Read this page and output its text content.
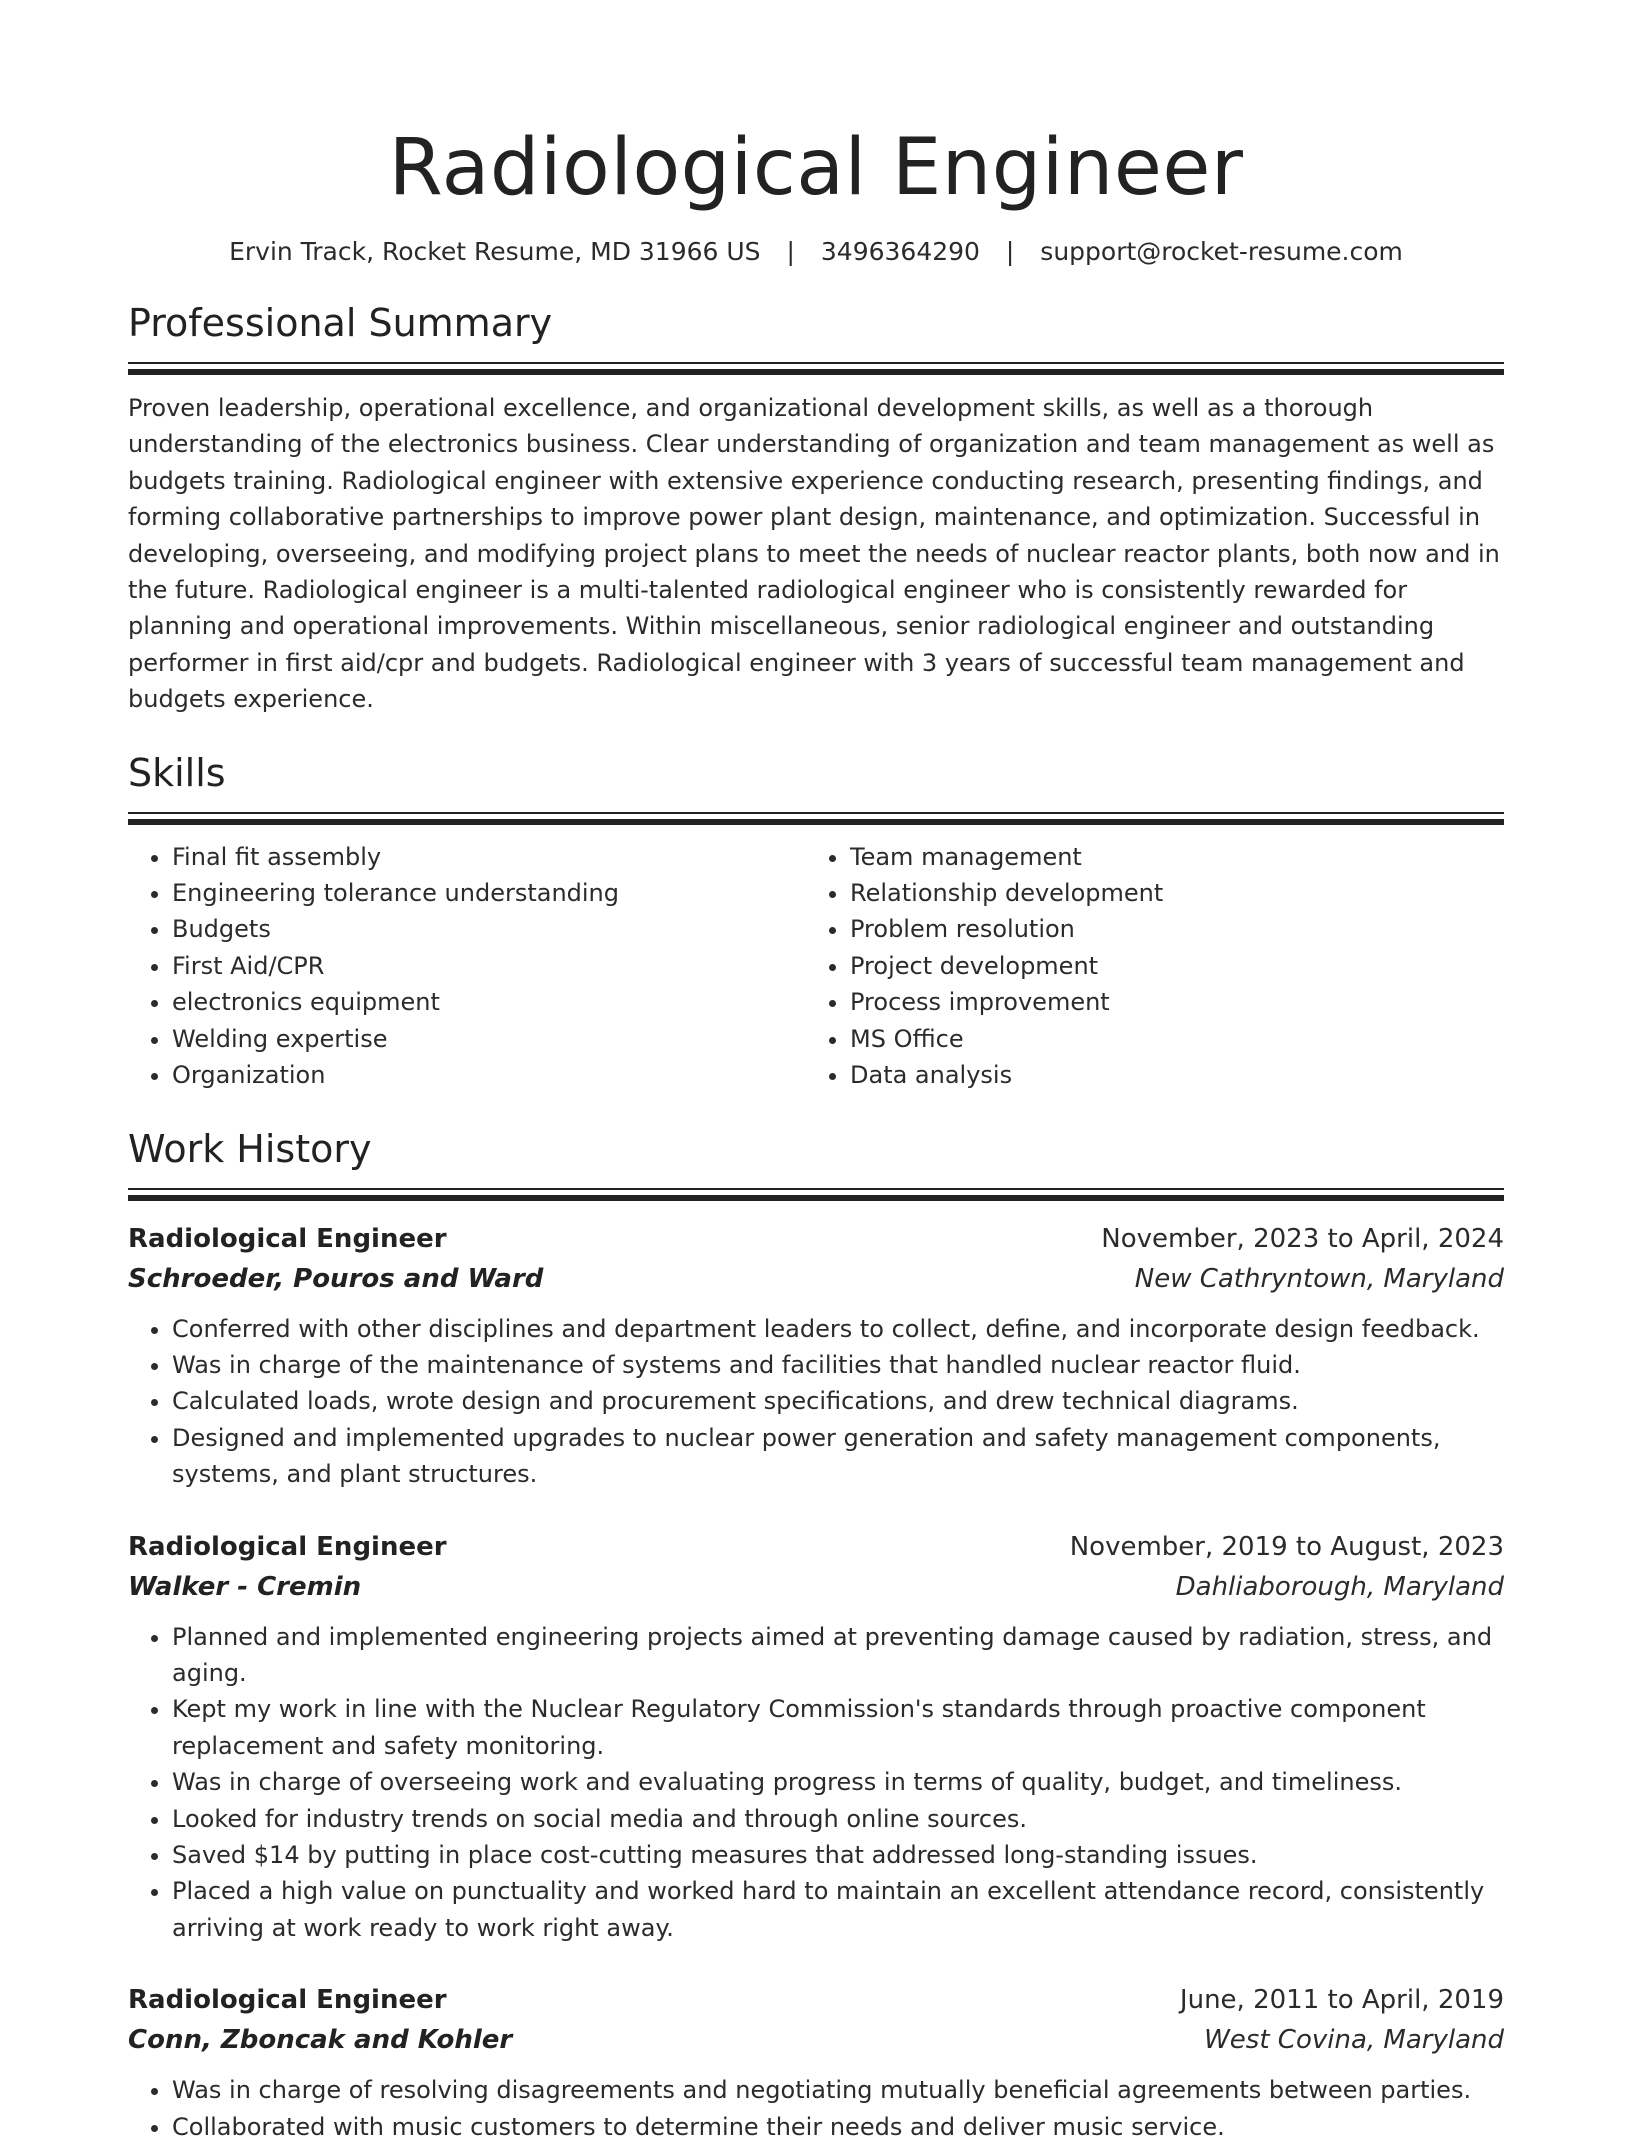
Radiological Engineer
Ervin Track, Rocket Resume, MD 31966 US | 3496364290 | support@rocket-resume.com
Professional Summary

Proven leadership, operational excellence, and organizational development skills, as well as a thorough understanding of the electronics business. Clear understanding of organization and team management as well as budgets training. Radiological engineer with extensive experience conducting research, presenting findings, and forming collaborative partnerships to improve power plant design, maintenance, and optimization. Successful in developing, overseeing, and modifying project plans to meet the needs of nuclear reactor plants, both now and in the future. Radiological engineer is a multi-talented radiological engineer who is consistently rewarded for planning and operational improvements. Within miscellaneous, senior radiological engineer and outstanding performer in first aid/cpr and budgets. Radiological engineer with 3 years of successful team management and budgets experience.

Skills
• Final fit assembly
• Engineering tolerance understanding
• Budgets
• First Aid/CPR
• electronics equipment
• Welding expertise
• Organization
• Team management
• Relationship development
• Problem resolution
• Project development
• Process improvement
• MS Office
• Data analysis
Work History
Radiological Engineer	November, 2023 to April, 2024
Schroeder, Pouros and Ward	New Cathryntown, Maryland
• Conferred with other disciplines and department leaders to collect, define, and incorporate design feedback.
• Was in charge of the maintenance of systems and facilities that handled nuclear reactor fluid.
• Calculated loads, wrote design and procurement specifications, and drew technical diagrams.
• Designed and implemented upgrades to nuclear power generation and safety management components, systems, and plant structures.
Radiological Engineer	November, 2019 to August, 2023
Walker - Cremin	Dahliaborough, Maryland
• Planned and implemented engineering projects aimed at preventing damage caused by radiation, stress, and aging.
• Kept my work in line with the Nuclear Regulatory Commission's standards through proactive component replacement and safety monitoring.
• Was in charge of overseeing work and evaluating progress in terms of quality, budget, and timeliness.
• Looked for industry trends on social media and through online sources.
• Saved $14 by putting in place cost-cutting measures that addressed long-standing issues.
• Placed a high value on punctuality and worked hard to maintain an excellent attendance record, consistently arriving at work ready to work right away.
Radiological Engineer	June, 2011 to April, 2019
Conn, Zboncak and Kohler	West Covina, Maryland
• Was in charge of resolving disagreements and negotiating mutually beneficial agreements between parties.
• Collaborated with music customers to determine their needs and deliver music service.
